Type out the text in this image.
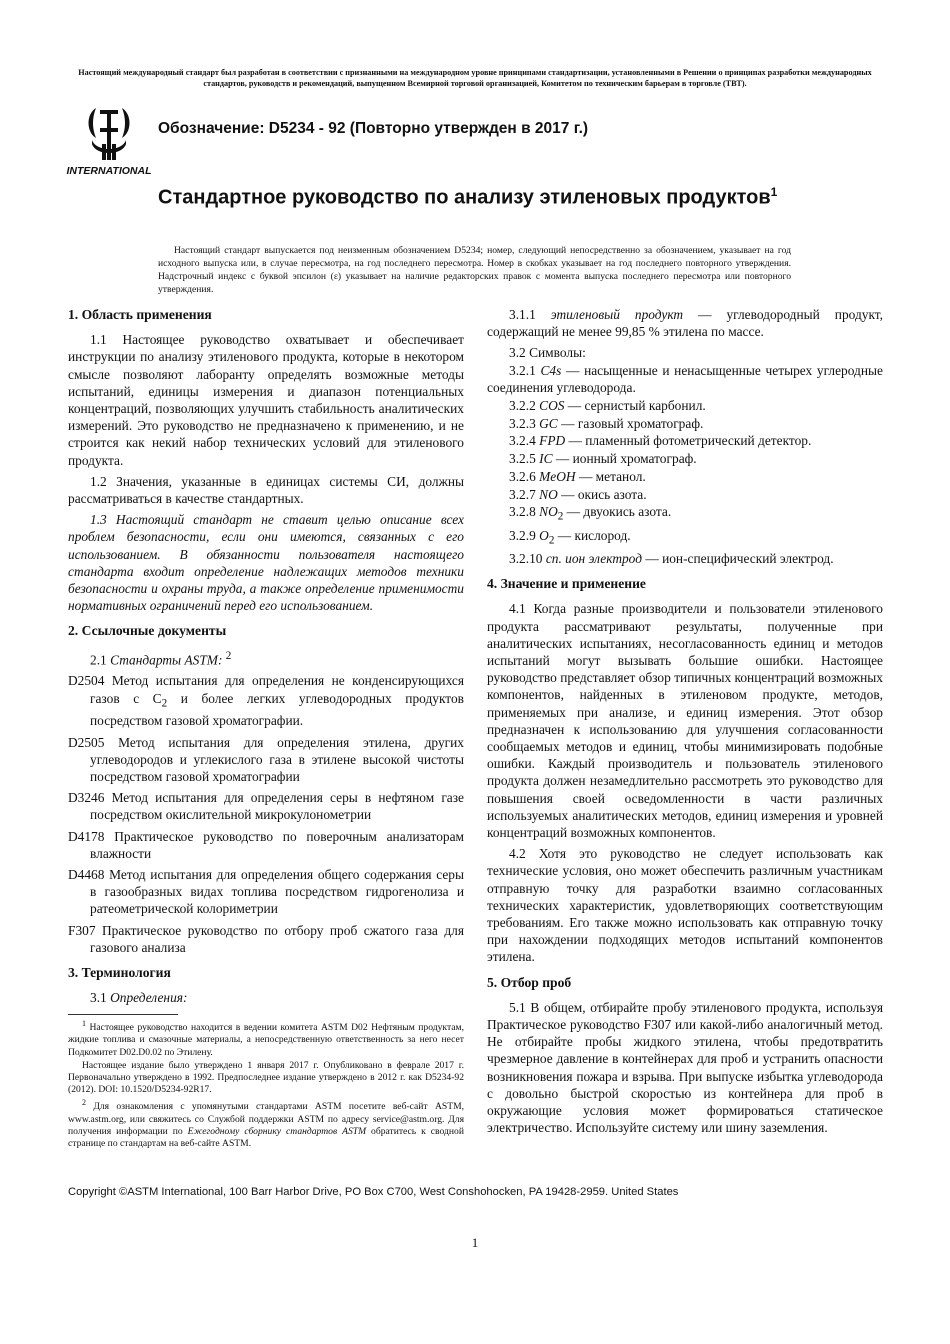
Настоящий международный стандарт был разработан в соответствии с признанными на международном уровне принципами стандартизации, установленными в Решении о принципах разработки международных стандартов, руководств и рекомендаций, выпущенном Всемирной торговой организацией, Комитетом по техническим барьерам в торговле (ТВТ).
INTERNATIONAL
Обозначение: D5234 - 92 (Повторно утвержден в 2017 г.)
Стандартное руководство по анализу этиленовых продуктов$^1$

Настоящий стандарт выпускается под неизменным обозначением D5234; номер, следующий непосредственно за обозначением, указывает на год исходного выпуска или, в случае пересмотра, на год последнего пересмотра. Номер в скобках указывает на год последнего повторного утверждения. Надстрочный индекс с буквой эпсилон (ε) указывает на наличие редакторских правок с момента выпуска последнего пересмотра или повторного утверждения.

1. Область применения

1.1 Настоящее руководство охватывает и обеспечивает инструкции по анализу этиленового продукта, которые в некотором смысле позволяют лаборанту определять возможные методы испытаний, единицы измерения и диапазон потенциальных концентраций, позволяющих улучшить стабильность аналитических измерений. Это руководство не предназначено к применению, и не строится как некий набор технических условий для этиленового продукта.

1.2 Значения, указанные в единицах системы СИ, должны рассматриваться в качестве стандартных.

1.3 Настоящий стандарт не ставит целью описание всех проблем безопасности, если они имеются, связанных с его использованием. В обязанности пользователя настоящего стандарта входит определение надлежащих методов техники безопасности и охраны труда, а также определение применимости нормативных ограничений перед его использованием.

2. Ссылочные документы

2.1 Стандарты ASTM: $^2$

D2504 Метод испытания для определения не конденсирующихся газов с $C_2$ и более легких углеводородных продуктов посредством газовой хроматографии.

D2505 Метод испытания для определения этилена, других углеводородов и углекислого газа в этилене высокой чистоты посредством газовой хроматографии

D3246 Метод испытания для определения серы в нефтяном газе посредством окислительной микрокулонометрии

D4178 Практическое руководство по поверочным анализаторам влажности

D4468 Метод испытания для определения общего содержания серы в газообразных видах топлива посредством гидрогенолиза и ратеометрической колориметрии

F307 Практическое руководство по отбору проб сжатого газа для газового анализа

3. Терминология

3.1 Определения:

$^1$ Настоящее руководство находится в ведении комитета ASTM D02 Нефтяным продуктам, жидкие топлива и смазочные материалы, а непосредственную ответственность за него несет Подкомитет D02.D0.02 по Этилену.

Настоящее издание было утверждено 1 января 2017 г. Опубликовано в феврале 2017 г. Первоначально утверждено в 1992. Предпоследнее издание утверждено в 2012 г. как D5234-92 (2012). DOI: 10.1520/D5234-92R17.

$^2$ Для ознакомления с упомянутыми стандартами ASTM посетите веб-сайт ASTM, www.astm.org, или свяжитесь со Службой поддержки ASTM по адресу service@astm.org. Для получения информации по Ежегодному сборнику стандартов ASTM обратитесь к сводной странице по стандартам на веб-сайте ASTM.

3.1.1 этиленовый продукт — углеводородный продукт, содержащий не менее 99,85 % этилена по массе.

3.2 Символы:

3.2.1 C4s — насыщенные и ненасыщенные четырех углеродные соединения углеводорода.

3.2.2 COS — сернистый карбонил.

3.2.3 GC — газовый хроматограф.

3.2.4 FPD — пламенный фотометрический детектор.

3.2.5 IC — ионный хроматограф.

3.2.6 MeOH — метанол.

3.2.7 NO — окись азота.

3.2.8 $NO_2$ — двуокись азота.

3.2.9 $O_2$ — кислород.

3.2.10 сп. ион электрод — ион-специфический электрод.

4. Значение и применение

4.1 Когда разные производители и пользователи этиленового продукта рассматривают результаты, полученные при аналитических испытаниях, несогласованность единиц и методов испытаний могут вызывать большие ошибки. Настоящее руководство представляет обзор типичных концентраций возможных компонентов, найденных в этиленовом продукте, методов, применяемых при анализе, и единиц измерения. Этот обзор предназначен к использованию для улучшения согласованности сообщаемых методов и единиц, чтобы минимизировать подобные ошибки. Каждый производитель и пользователь этиленового продукта должен незамедлительно рассмотреть это руководство для повышения своей осведомленности в части различных используемых аналитических методов, единиц измерения и уровней концентраций возможных компонентов.

4.2 Хотя это руководство не следует использовать как технические условия, оно может обеспечить различным участникам отправную точку для разработки взаимно согласованных технических характеристик, удовлетворяющих соответствующим требованиям. Его также можно использовать как отправную точку при нахождении подходящих методов испытаний компонентов этилена.

5. Отбор проб

5.1 В общем, отбирайте пробу этиленового продукта, используя Практическое руководство F307 или какой-либо аналогичный метод. Не отбирайте пробы жидкого этилена, чтобы предотвратить чрезмерное давление в контейнерах для проб и устранить опасности возникновения пожара и взрыва. При выпуске избытка углеводорода с довольно быстрой скоростью из контейнера для проб в окружающие условия может формироваться статическое электричество. Используйте систему или шину заземления.

Copyright ©ASTM International, 100 Barr Harbor Drive, PO Box C700, West Conshohocken, PA 19428-2959. United States
1
